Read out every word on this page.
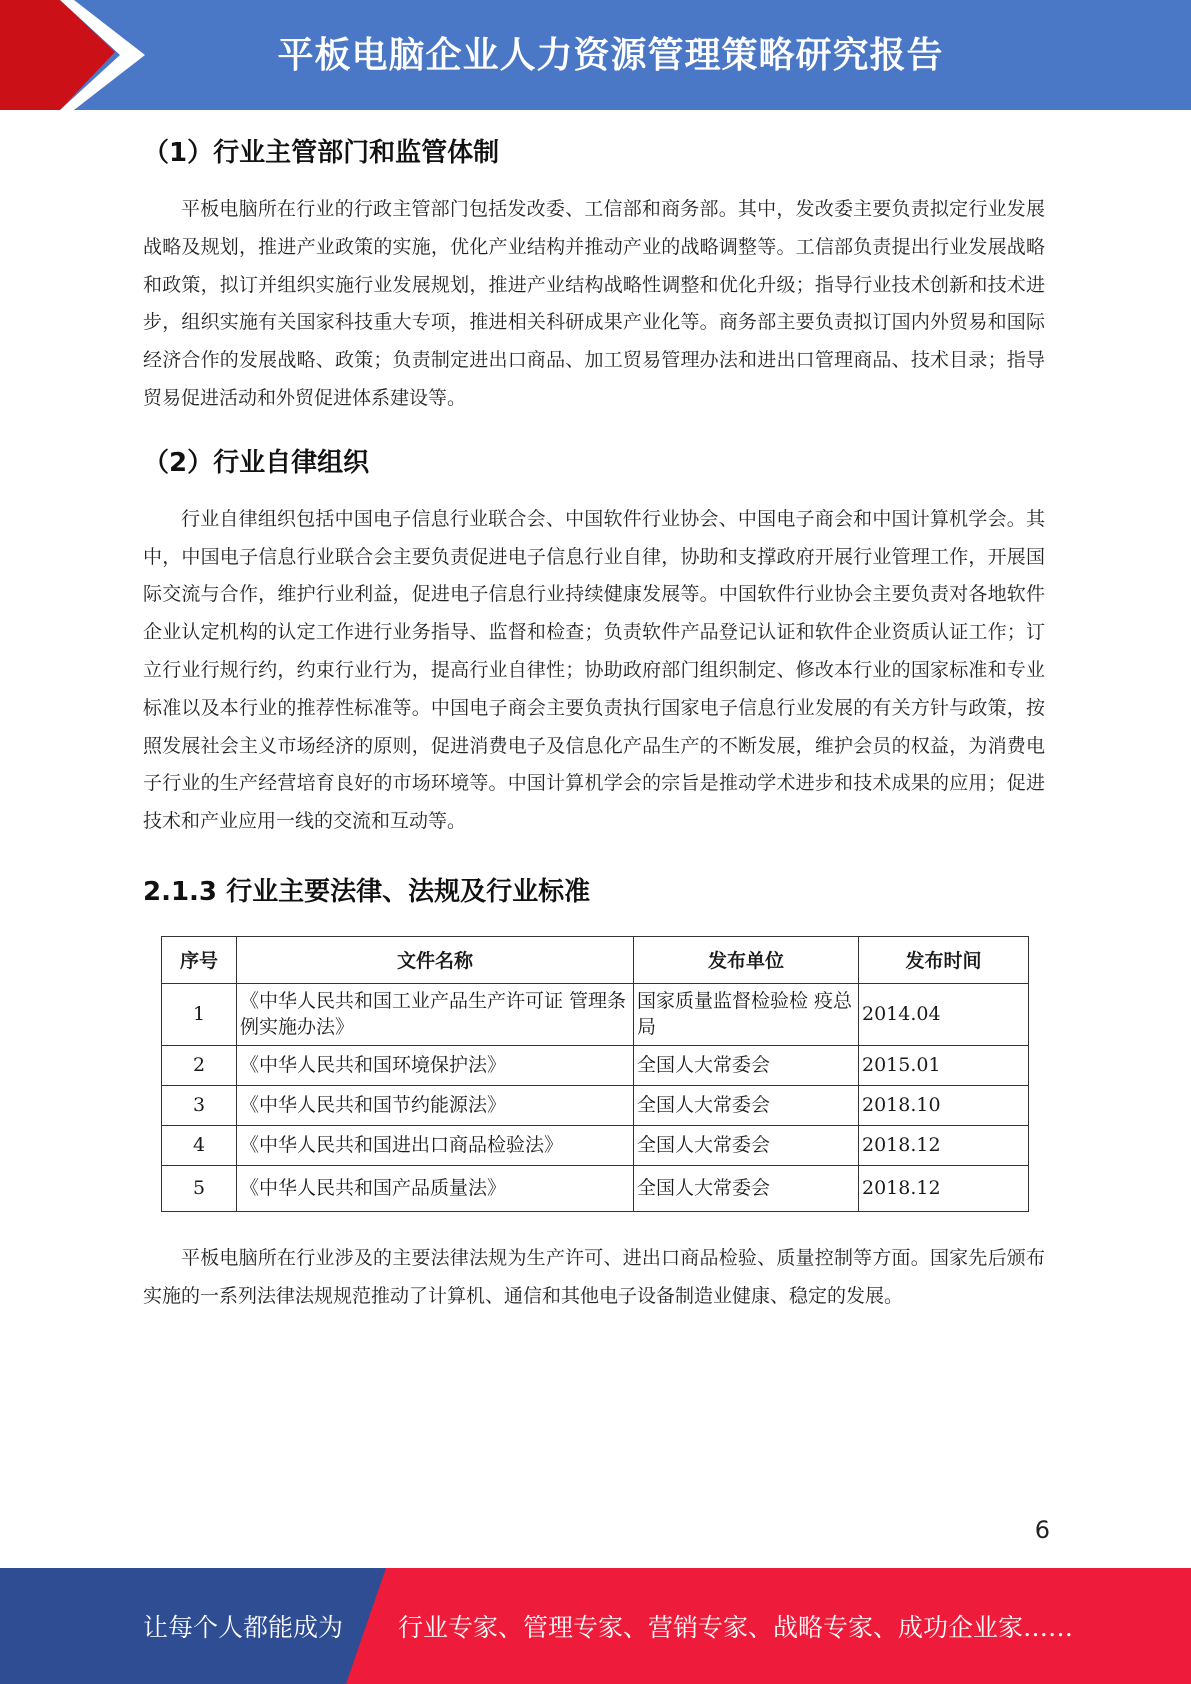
平板电脑企业人力资源管理策略研究报告
（1）行业主管部门和监管体制

平板电脑所在行业的行政主管部门包括发改委、工信部和商务部。其中，发改委主要负责拟定行业发展战略及规划，推进产业政策的实施，优化产业结构并推动产业的战略调整等。工信部负责提出行业发展战略和政策，拟订并组织实施行业发展规划，推进产业结构战略性调整和优化升级；指导行业技术创新和技术进步，组织实施有关国家科技重大专项，推进相关科研成果产业化等。商务部主要负责拟订国内外贸易和国际经济合作的发展战略、政策；负责制定进出口商品、加工贸易管理办法和进出口管理商品、技术目录；指导贸易促进活动和外贸促进体系建设等。

（2）行业自律组织

行业自律组织包括中国电子信息行业联合会、中国软件行业协会、中国电子商会和中国计算机学会。其中，中国电子信息行业联合会主要负责促进电子信息行业自律，协助和支撑政府开展行业管理工作，开展国际交流与合作，维护行业利益，促进电子信息行业持续健康发展等。中国软件行业协会主要负责对各地软件企业认定机构的认定工作进行业务指导、监督和检查；负责软件产品登记认证和软件企业资质认证工作；订立行业行规行约，约束行业行为，提高行业自律性；协助政府部门组织制定、修改本行业的国家标准和专业标准以及本行业的推荐性标准等。中国电子商会主要负责执行国家电子信息行业发展的有关方针与政策，按照发展社会主义市场经济的原则，促进消费电子及信息化产品生产的不断发展，维护会员的权益，为消费电子行业的生产经营培育良好的市场环境等。中国计算机学会的宗旨是推动学术进步和技术成果的应用；促进技术和产业应用一线的交流和互动等。

2.1.3 行业主要法律、法规及行业标准
序号	文件名称	发布单位	发布时间
1	《中华人民共和国工业产品生产许可证 管理条例实施办法》	国家质量监督检验检 疫总局	2014.04
2	《中华人民共和国环境保护法》	全国人大常委会	2015.01
3	《中华人民共和国节约能源法》	全国人大常委会	2018.10
4	《中华人民共和国进出口商品检验法》	全国人大常委会	2018.12
5	《中华人民共和国产品质量法》	全国人大常委会	2018.12

平板电脑所在行业涉及的主要法律法规为生产许可、进出口商品检验、质量控制等方面。国家先后颁布实施的一系列法律法规规范推动了计算机、通信和其他电子设备制造业健康、稳定的发展。

6
让每个人都能成为 行业专家、管理专家、营销专家、战略专家、成功企业家……
